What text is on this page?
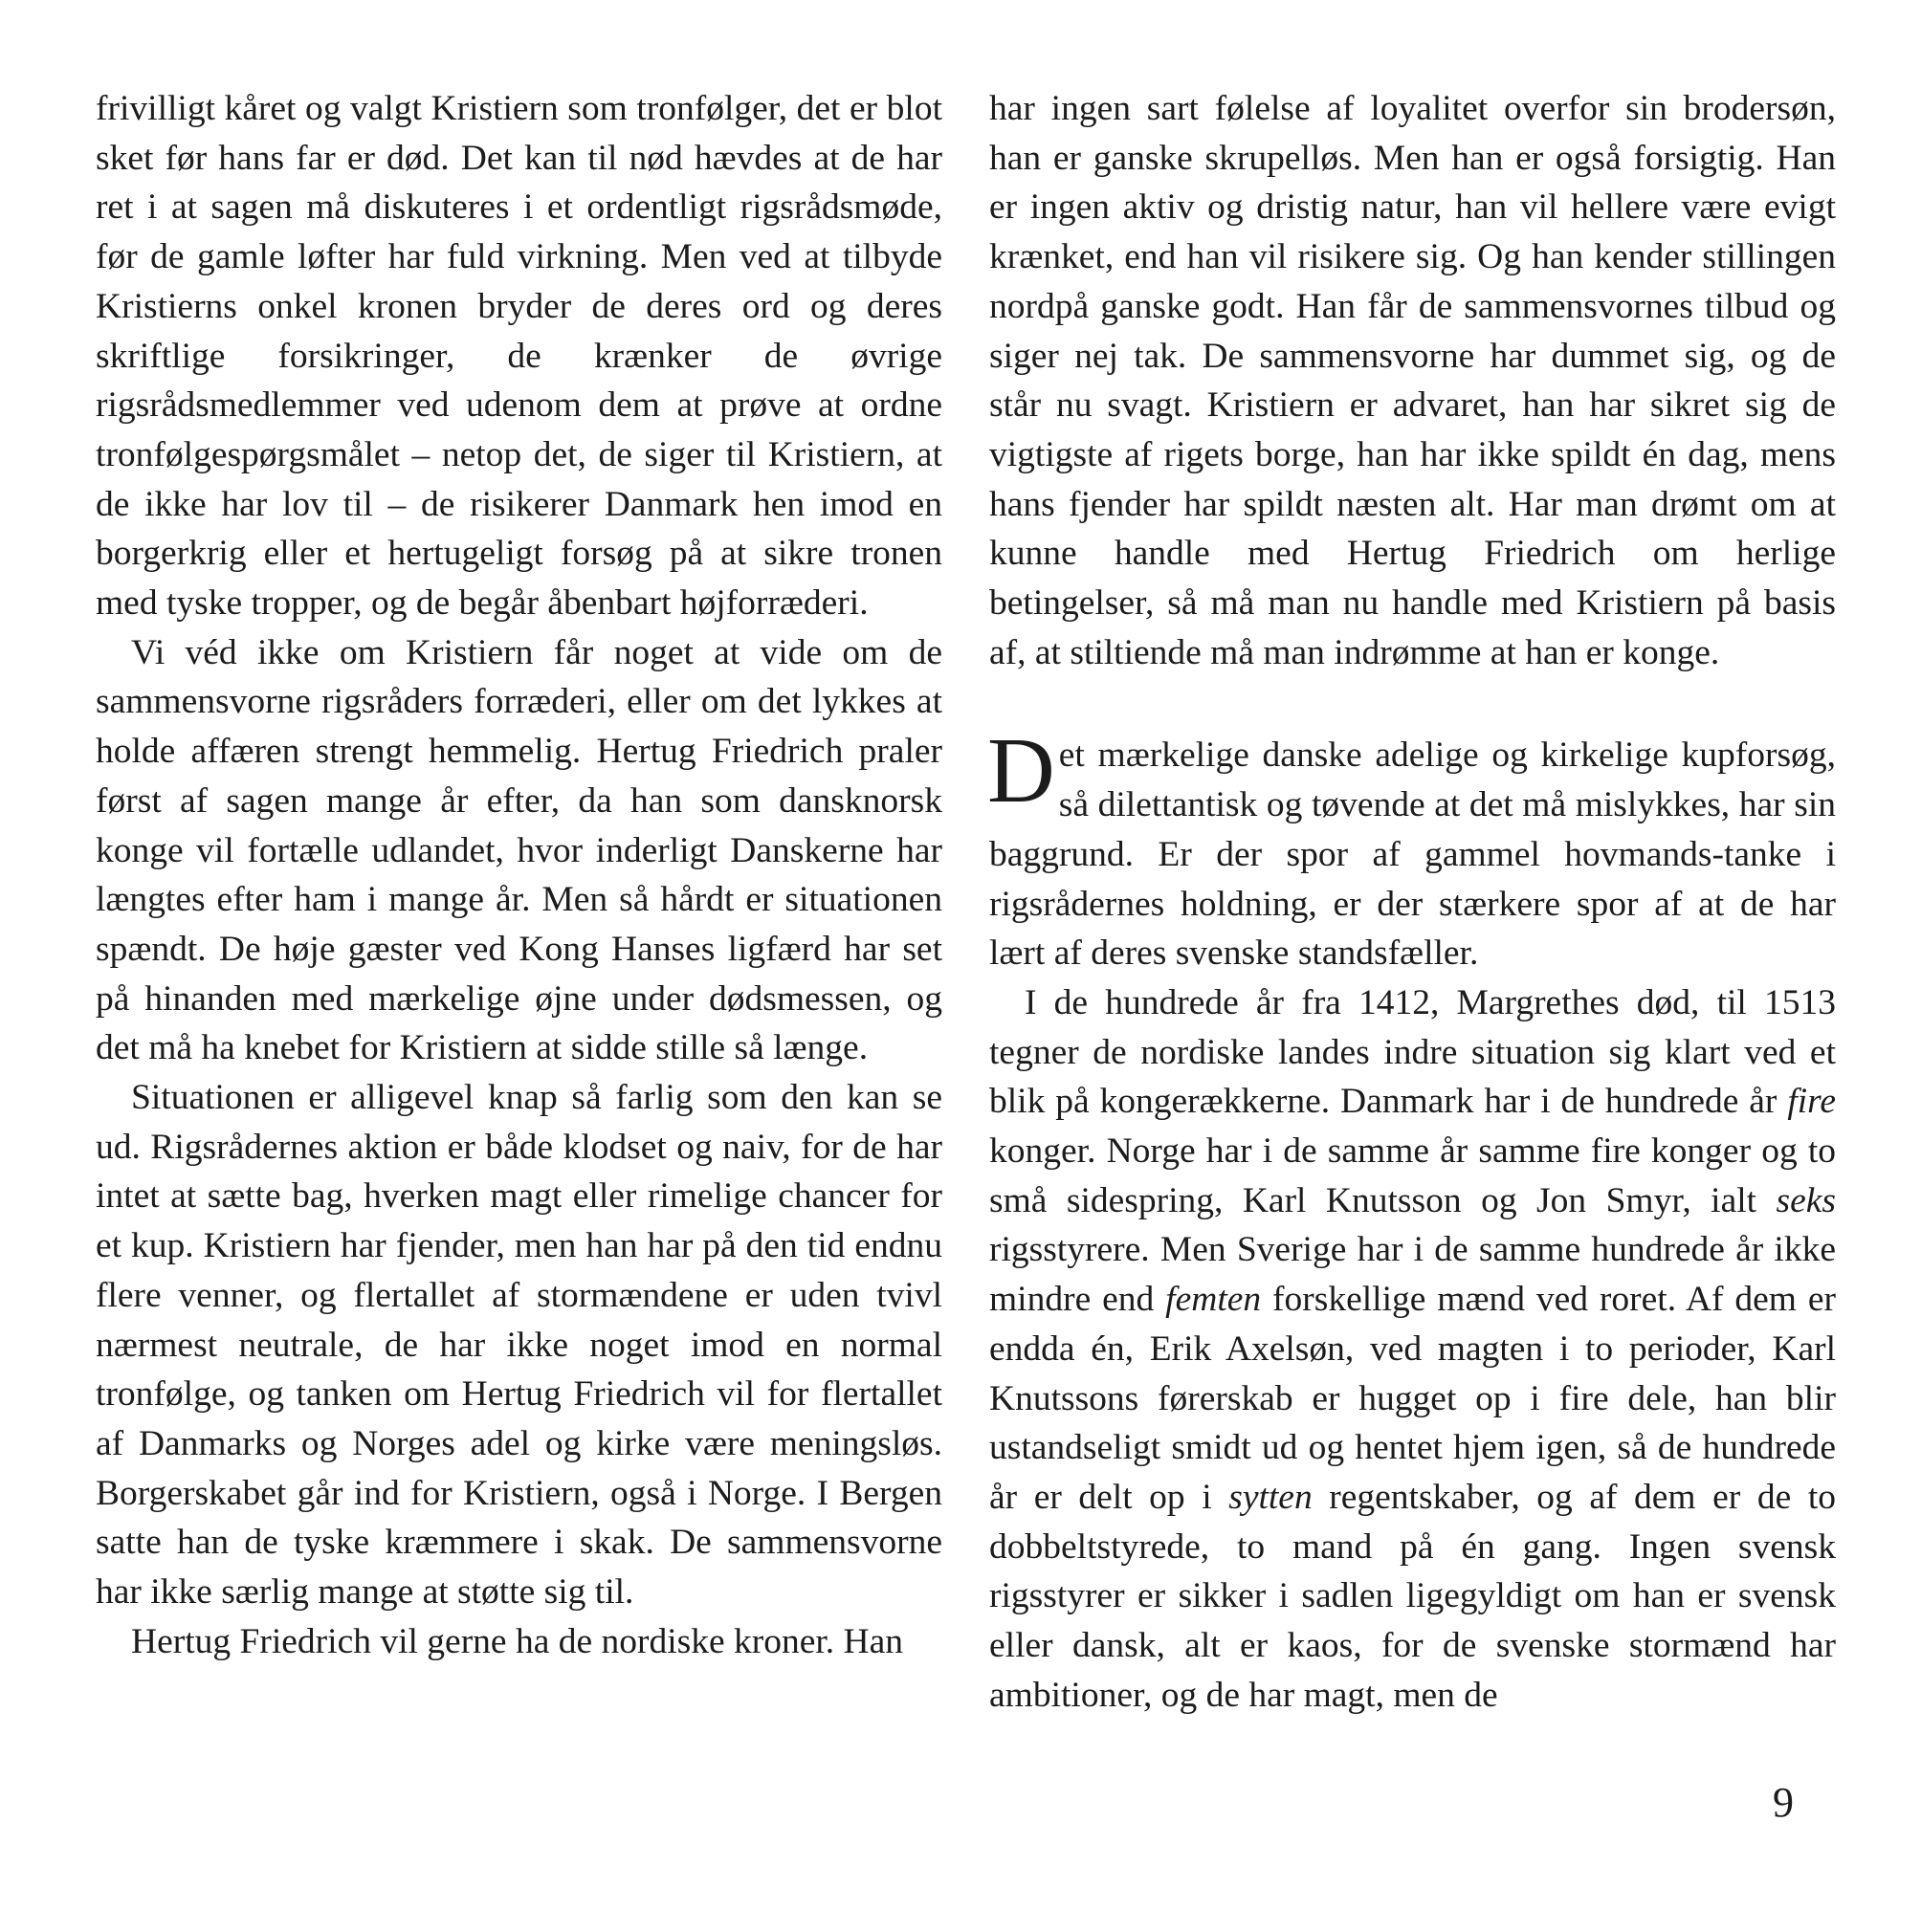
frivilligt kåret og valgt Kristiern som tronfølger, det er blot sket før hans far er død. Det kan til nød hævdes at de har ret i at sagen må diskuteres i et ordentligt rigsrådsmøde, før de gamle løfter har fuld virkning. Men ved at tilbyde Kristierns onkel kronen bryder de deres ord og deres skriftlige forsikringer, de krænker de øvrige rigsrådsmedlemmer ved udenom dem at prøve at ordne tronfølgespørgsmålet – netop det, de siger til Kristiern, at de ikke har lov til – de risikerer Danmark hen imod en borgerkrig eller et hertugeligt forsøg på at sikre tronen med tyske tropper, og de begår åbenbart højforræderi.

Vi véd ikke om Kristiern får noget at vide om de sammensvorne rigsråders forræderi, eller om det lykkes at holde affæren strengt hemmelig. Hertug Friedrich praler først af sagen mange år efter, da han som dansknorsk konge vil fortælle udlandet, hvor inderligt Danskerne har længtes efter ham i mange år. Men så hårdt er situationen spændt. De høje gæster ved Kong Hanses ligfærd har set på hinanden med mærkelige øjne under dødsmessen, og det må ha knebet for Kristiern at sidde stille så længe.

Situationen er alligevel knap så farlig som den kan se ud. Rigsrådernes aktion er både klodset og naiv, for de har intet at sætte bag, hverken magt eller rimelige chancer for et kup. Kristiern har fjender, men han har på den tid endnu flere venner, og flertallet af stormændene er uden tvivl nærmest neutrale, de har ikke noget imod en normal tronfølge, og tanken om Hertug Friedrich vil for flertallet af Danmarks og Norges adel og kirke være meningsløs. Borgerskabet går ind for Kristiern, også i Norge. I Bergen satte han de tyske kræmmere i skak. De sammensvorne har ikke særlig mange at støtte sig til.

Hertug Friedrich vil gerne ha de nordiske kroner. Han

har ingen sart følelse af loyalitet overfor sin brodersøn, han er ganske skrupelløs. Men han er også forsigtig. Han er ingen aktiv og dristig natur, han vil hellere være evigt krænket, end han vil risikere sig. Og han kender stillingen nordpå ganske godt. Han får de sammensvornes tilbud og siger nej tak. De sammensvorne har dummet sig, og de står nu svagt. Kristiern er advaret, han har sikret sig de vigtigste af rigets borge, han har ikke spildt én dag, mens hans fjender har spildt næsten alt. Har man drømt om at kunne handle med Hertug Friedrich om herlige betingelser, så må man nu handle med Kristiern på basis af, at stiltiende må man indrømme at han er konge.

Det mærkelige danske adelige og kirkelige kupforsøg, så dilettantisk og tøvende at det må mislykkes, har sin baggrund. Er der spor af gammel hovmands-tanke i rigsrådernes holdning, er der stærkere spor af at de har lært af deres svenske standsfæller.

I de hundrede år fra 1412, Margrethes død, til 1513 tegner de nordiske landes indre situation sig klart ved et blik på kongerækkerne. Danmark har i de hundrede år fire konger. Norge har i de samme år samme fire konger og to små sidespring, Karl Knutsson og Jon Smyr, ialt seks rigsstyrere. Men Sverige har i de samme hundrede år ikke mindre end femten forskellige mænd ved roret. Af dem er endda én, Erik Axelsøn, ved magten i to perioder, Karl Knutssons førerskab er hugget op i fire dele, han blir ustandseligt smidt ud og hentet hjem igen, så de hundrede år er delt op i sytten regentskaber, og af dem er de to dobbeltstyrede, to mand på én gang. Ingen svensk rigsstyrer er sikker i sadlen ligegyldigt om han er svensk eller dansk, alt er kaos, for de svenske stormænd har ambitioner, og de har magt, men de

9
